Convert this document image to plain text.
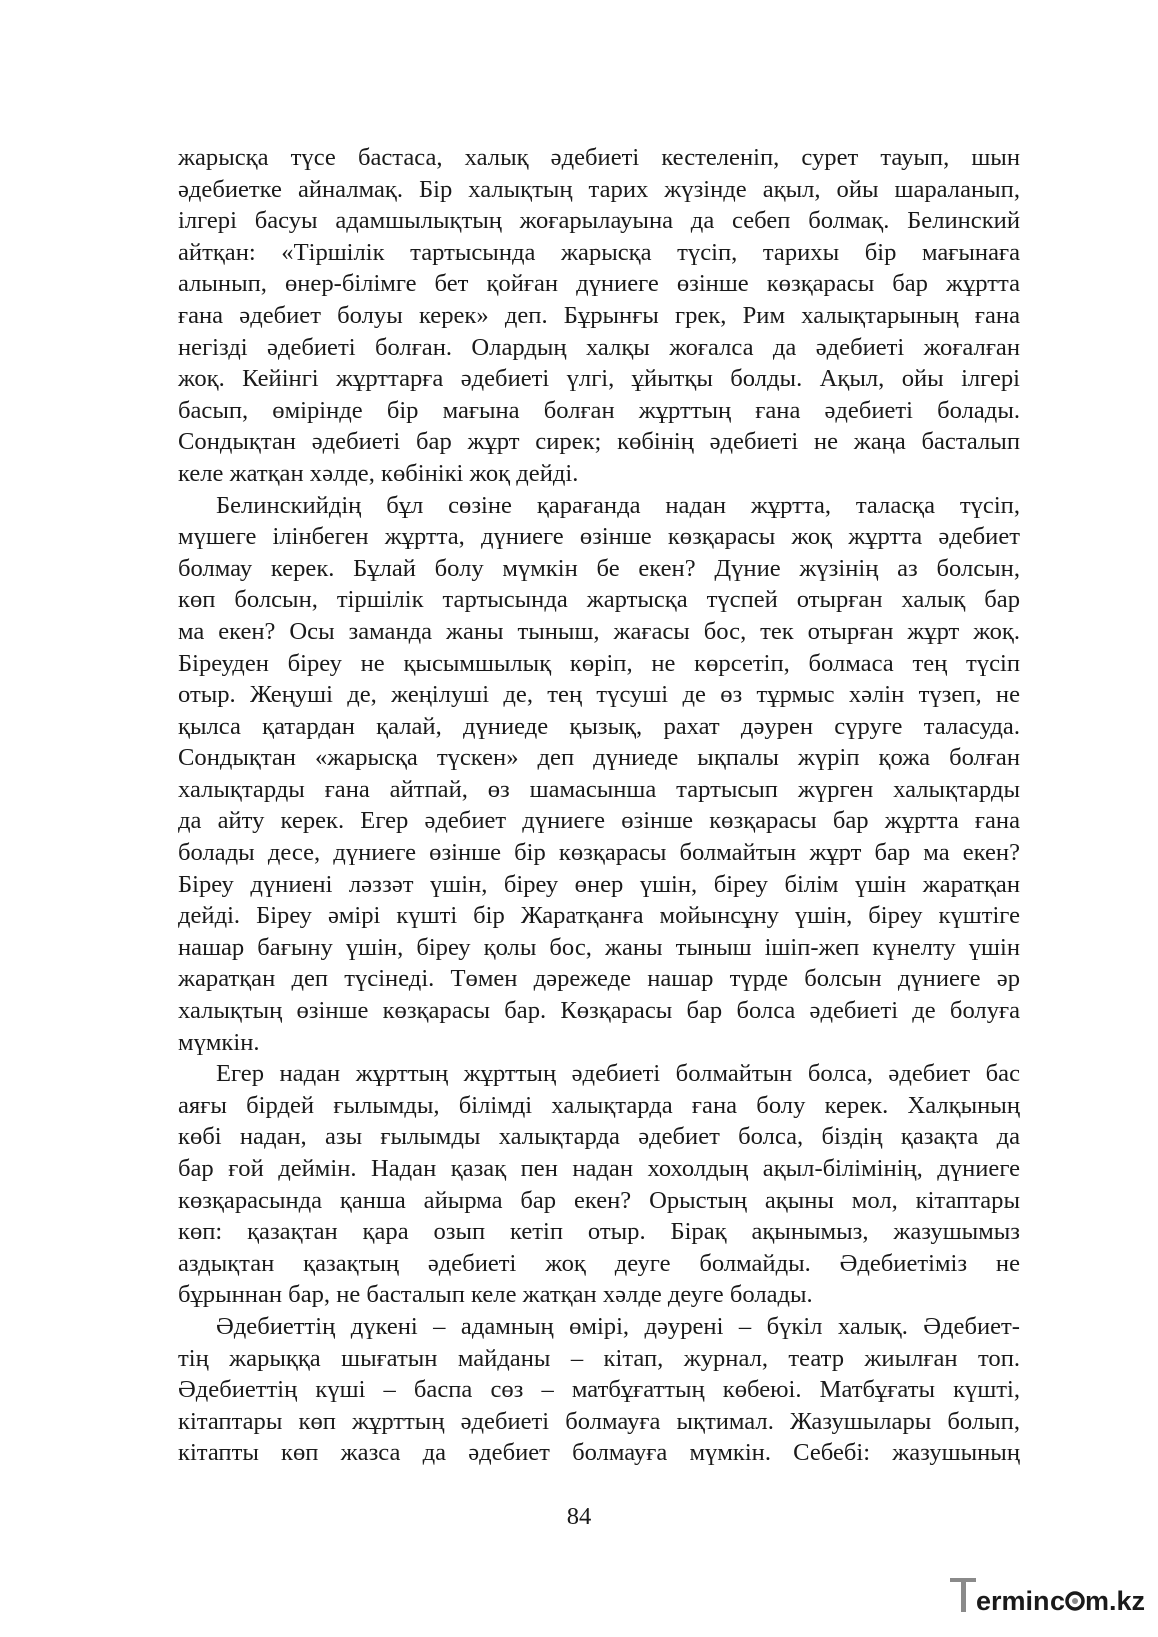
жарысқа түсе бастаса, халық әдебиеті кестеленіп, сурет тауып, шын

әдебиетке айналмақ. Бір халықтың тарих жүзінде ақыл, ойы шараланып,

ілгері басуы адамшылықтың жоғарылауына да себеп болмақ. Белинский

айтқан: «Тіршілік тартысында жарысқа түсіп, тарихы бір мағынаға

алынып, өнер-білімге бет қойған дүниеге өзінше көзқарасы бар жұртта

ғана әдебиет болуы керек» деп. Бұрынғы грек, Рим халықтарының ғана

негізді әдебиеті болған. Олардың халқы жоғалса да әдебиеті жоғалған

жоқ. Кейінгі жұрттарға әдебиеті үлгі, ұйытқы болды. Ақыл, ойы ілгері

басып, өмірінде бір мағына болған жұрттың ғана әдебиеті болады.

Сондықтан әдебиеті бар жұрт сирек; көбінің әдебиеті не жаңа басталып

келе жатқан хәлде, көбінікі жоқ дейді.

Белинскийдің бұл сөзіне қарағанда надан жұртта, таласқа түсіп,

мүшеге ілінбеген жұртта, дүниеге өзінше көзқарасы жоқ жұртта әдебиет

болмау керек. Бұлай болу мүмкін бе екен? Дүние жүзінің аз болсын,

көп болсын, тіршілік тартысында жартысқа түспей отырған халық бар

ма екен? Осы заманда жаны тыныш, жағасы бос, тек отырған жұрт жоқ.

Біреуден біреу не қысымшылық көріп, не көрсетіп, болмаса тең түсіп

отыр. Жеңуші де, жеңілуші де, тең түсуші де өз тұрмыс хәлін түзеп, не

қылса қатардан қалай, дүниеде қызық, рахат дәурен сүруге таласуда.

Сондықтан «жарысқа түскен» деп дүниеде ықпалы жүріп қожа болған

халықтарды ғана айтпай, өз шамасынша тартысып жүрген халықтарды

да айту керек. Егер әдебиет дүниеге өзінше көзқарасы бар жұртта ғана

болады десе, дүниеге өзінше бір көзқарасы болмайтын жұрт бар ма екен?

Біреу дүниені ләззәт үшін, біреу өнер үшін, біреу білім үшін жаратқан

дейді. Біреу әмірі күшті бір Жаратқанға мойынсұну үшін, біреу күштіге

нашар бағыну үшін, біреу қолы бос, жаны тыныш ішіп-жеп күнелту үшін

жаратқан деп түсінеді. Төмен дәрежеде нашар түрде болсын дүниеге әр

халықтың өзінше көзқарасы бар. Көзқарасы бар болса әдебиеті де болуға

мүмкін.

Егер надан жұрттың жұрттың әдебиеті болмайтын болса, әдебиет бас

аяғы бірдей ғылымды, білімді халықтарда ғана болу керек. Халқының

көбі надан, азы ғылымды халықтарда әдебиет болса, біздің қазақта да

бар ғой деймін. Надан қазақ пен надан хохолдың ақыл-білімінің, дүниеге

көзқарасында қанша айырма бар екен? Орыстың ақыны мол, кітаптары

көп: қазақтан қара озып кетіп отыр. Бірақ ақынымыз, жазушымыз

аздықтан қазақтың әдебиеті жоқ деуге болмайды. Әдебиетіміз не

бұрыннан бар, не басталып келе жатқан хәлде деуге болады.

Әдебиеттің дүкені – адамның өмірі, дәурені – бүкіл халық. Әдебиет-

тің жарыққа шығатын майданы – кітап, журнал, театр жиылған топ.

Әдебиеттің күші – баспа сөз – матбұғаттың көбеюі. Матбұғаты күшті,

кітаптары көп жұрттың әдебиеті болмауға ықтимал. Жазушылары болып,

кітапты көп жазса да әдебиет болмауға мүмкін. Себебі: жазушының

84
ermin c m.kz
